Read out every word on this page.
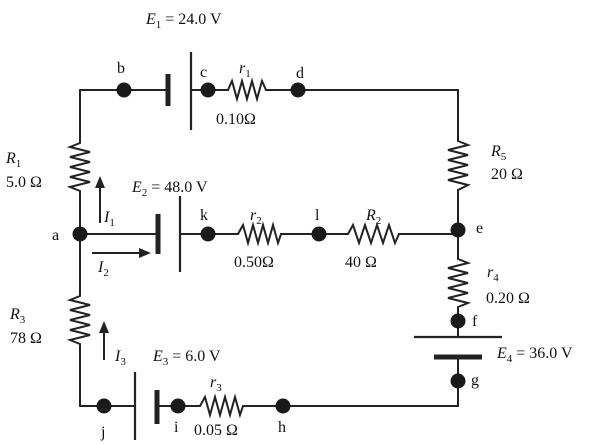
a
b	c	d
e
f
g
h
i
j
k	l
$E_1 = 24.0$ V
$E_2 = 48.0$ V
$E_3 = 6.0$ V	$E_4 = 36.0$ V
$R_1$
5.0 Ω
$R_5$
20 Ω
$R_3$
78 Ω
$R_2$
40 Ω
$r_1$
0.10Ω
$r_2$
0.50Ω
$r_3$
0.05 Ω
$r_4$
0.20 Ω
$I_1$
$I_2$
$I_3$
